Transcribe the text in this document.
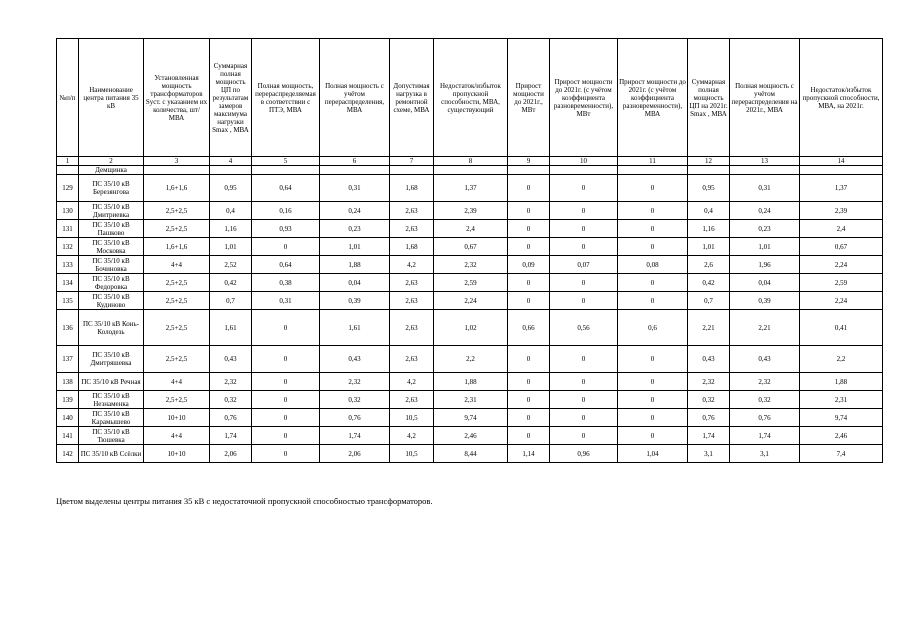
№п/п	Наименование центра питания 35 кВ	Установленная мощность трансформаторов Sуст. с указанием их количества, шт/ МВА	Суммарная полная мощность ЦП по результатам замеров максимума нагрузки Smax , МВА	Полная мощность, перераспределяемая в соответствии с ПТЭ, МВА	Полная мощность с учётом перераспределения, МВА	Допустимая нагрузка в ремонтной схеме, МВА	Недостаток/избыток пропускной способности, МВА, существующий	Прирост мощности до 2021г., МВт	Прирост мощности до 2021г. (с учётом коэффициента разновременности), МВт	Прирост мощности до 2021г. (с учётом коэффициента разновременности), МВА	Суммарная полная мощность ЦП на 2021г. Smax , МВА	Полная мощность с учётом перераспределения на 2021г., МВА	Недостаток/избыток пропускной способности, МВА, на 2021г.
1	2	3	4	5	6	7	8	9	10	11	12	13	14
	Демщинка												
129	ПС 35/10 кВ Березянгова	1,6+1,6	0,95	0,64	0,31	1,68	1,37	0	0	0	0,95	0,31	1,37
130	ПС 35/10 кВ Дмитриевка	2,5+2,5	0,4	0,16	0,24	2,63	2,39	0	0	0	0,4	0,24	2,39
131	ПС 35/10 кВ Пашково	2,5+2,5	1,16	0,93	0,23	2,63	2,4	0	0	0	1,16	0,23	2,4
132	ПС 35/10 кВ Московка	1,6+1,6	1,01	0	1,01	1,68	0,67	0	0	0	1,01	1,01	0,67
133	ПС 35/10 кВ Бочиновка	4+4	2,52	0,64	1,88	4,2	2,32	0,09	0,07	0,08	2,6	1,96	2,24
134	ПС 35/10 кВ Федоровка	2,5+2,5	0,42	0,38	0,04	2,63	2,59	0	0	0	0,42	0,04	2,59
135	ПС 35/10 кВ Кудиново	2,5+2,5	0,7	0,31	0,39	2,63	2,24	0	0	0	0,7	0,39	2,24
136	ПС 35/10 кВ Конь-Колодезь	2,5+2,5	1,61	0	1,61	2,63	1,02	0,66	0,56	0,6	2,21	2,21	0,41
137	ПС 35/10 кВ Дмитряшевка	2,5+2,5	0,43	0	0,43	2,63	2,2	0	0	0	0,43	0,43	2,2
138	ПС 35/10 кВ Речная	4+4	2,32	0	2,32	4,2	1,88	0	0	0	2,32	2,32	1,88
139	ПС 35/10 кВ Незнаменка	2,5+2,5	0,32	0	0,32	2,63	2,31	0	0	0	0,32	0,32	2,31
140	ПС 35/10 кВ Карамышево	10+10	0,76	0	0,76	10,5	9,74	0	0	0	0,76	0,76	9,74
141	ПС 35/10 кВ Тюшевка	4+4	1,74	0	1,74	4,2	2,46	0	0	0	1,74	1,74	2,46
142	ПС 35/10 кВ Ссёлки	10+10	2,06	0	2,06	10,5	8,44	1,14	0,96	1,04	3,1	3,1	7,4
Цветом выделены центры питания 35 кВ с недостаточной пропускной способностью трансформаторов.
